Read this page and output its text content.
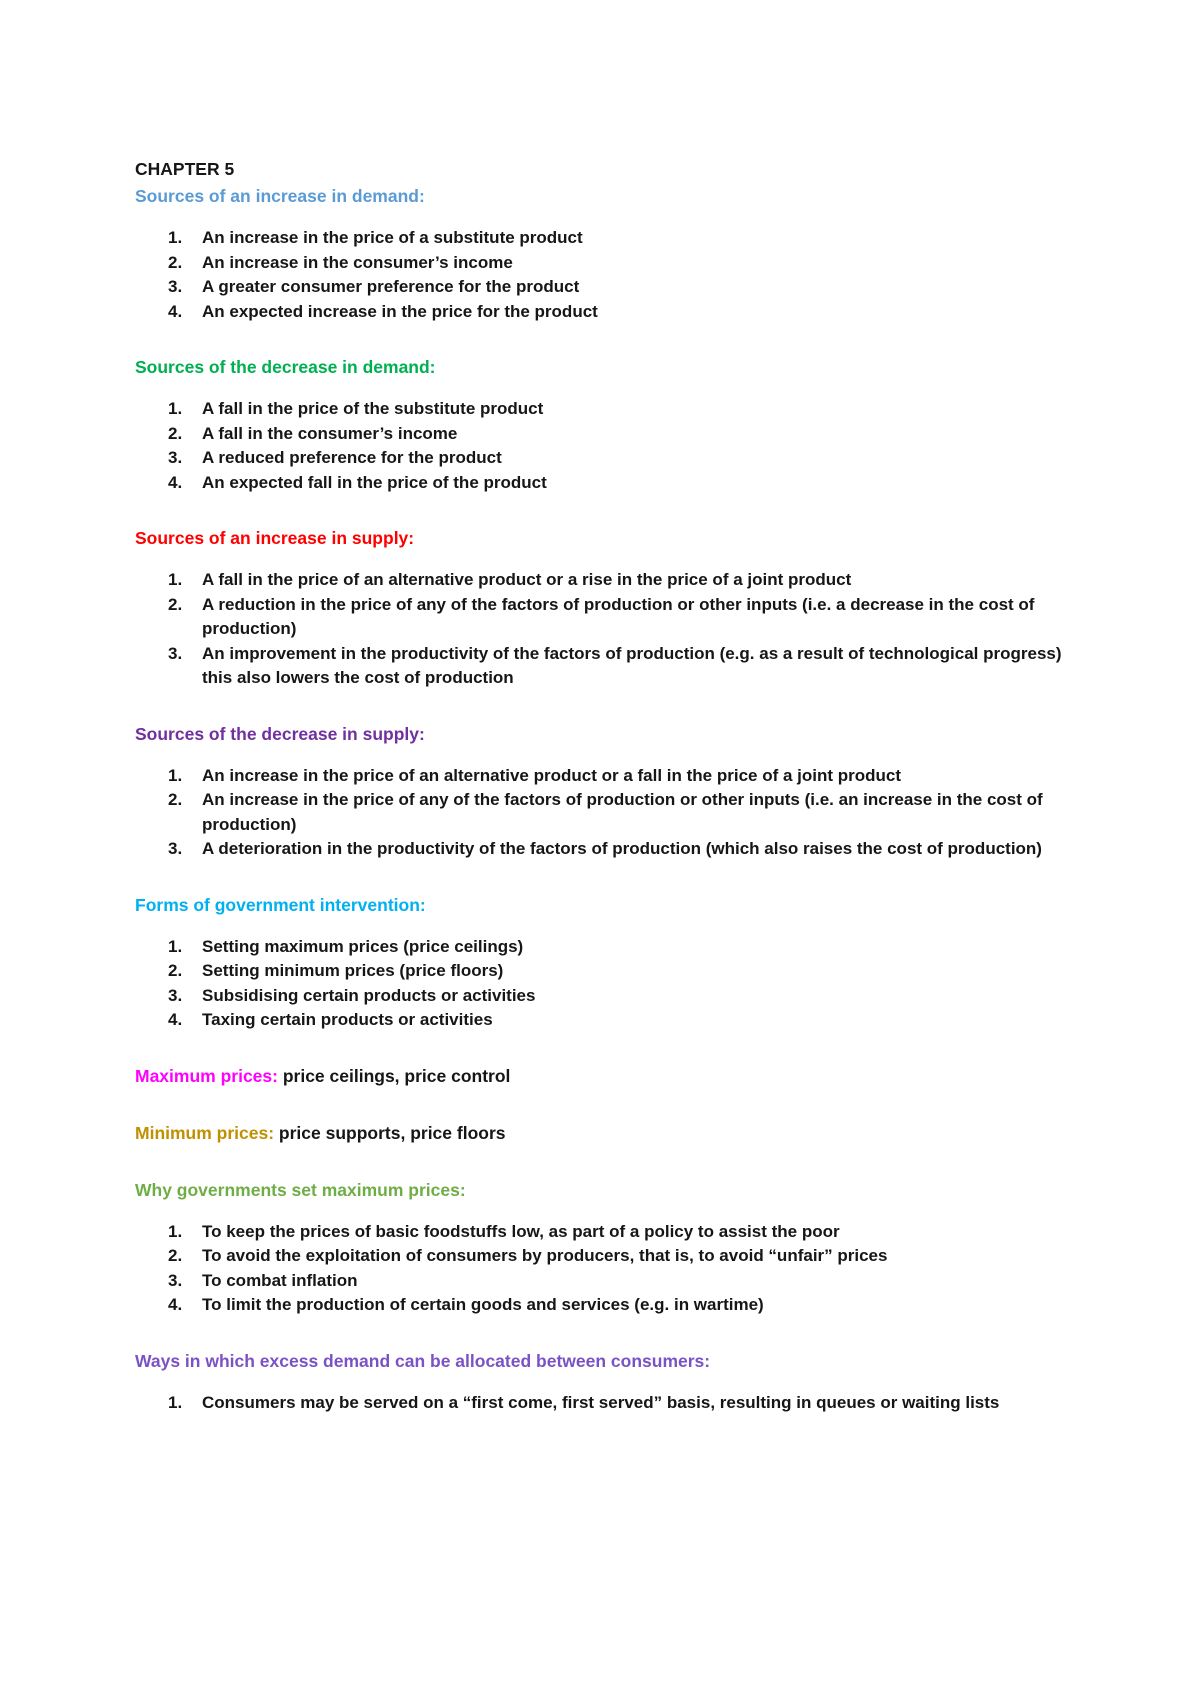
CHAPTER 5

Sources of an increase in demand:

An increase in the price of a substitute product
An increase in the consumer’s income
A greater consumer preference for the product
An expected increase in the price for the product

Sources of the decrease in demand:

A fall in the price of the substitute product
A fall in the consumer’s income
A reduced preference for the product
An expected fall in the price of the product

Sources of an increase in supply:

A fall in the price of an alternative product or a rise in the price of a joint product
A reduction in the price of any of the factors of production or other inputs (i.e. a decrease in the cost of production)
An improvement in the productivity of the factors of production (e.g. as a result of technological progress) this also lowers the cost of production

Sources of the decrease in supply:

An increase in the price of an alternative product or a fall in the price of a joint product
An increase in the price of any of the factors of production or other inputs (i.e. an increase in the cost of production)
A deterioration in the productivity of the factors of production (which also raises the cost of production)

Forms of government intervention:

Setting maximum prices (price ceilings)
Setting minimum prices (price floors)
Subsidising certain products or activities
Taxing certain products or activities

Maximum prices: price ceilings, price control

Minimum prices: price supports, price floors

Why governments set maximum prices:

To keep the prices of basic foodstuffs low, as part of a policy to assist the poor
To avoid the exploitation of consumers by producers, that is, to avoid “unfair” prices
To combat inflation
To limit the production of certain goods and services (e.g. in wartime)

Ways in which excess demand can be allocated between consumers:

Consumers may be served on a “first come, first served” basis, resulting in queues or waiting lists
